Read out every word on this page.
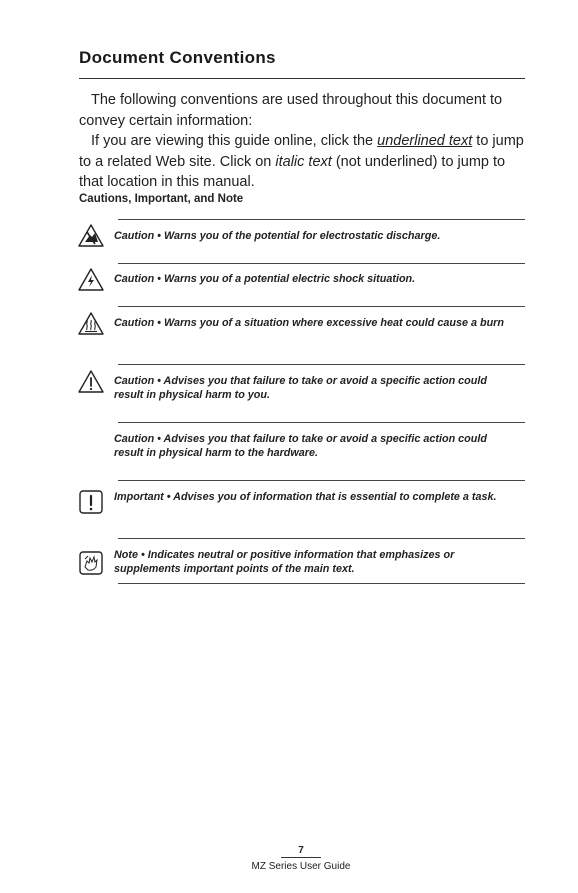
Document Conventions

The following conventions are used throughout this document to convey certain information:

If you are viewing this guide online, click the underlined text to jump to a related Web site. Click on italic text (not underlined) to jump to that location in this manual.

Cautions, Important, and Note
Caution • Warns you of the potential for electrostatic discharge.
Caution • Warns you of a potential electric shock situation.
Caution • Warns you of a situation where excessive heat could cause a burn
Caution • Advises you that failure to take or avoid a specific action could result in physical harm to you.
Caution • Advises you that failure to take or avoid a specific action could result in physical harm to the hardware.
Important • Advises you of information that is essential to complete a task.
Note • Indicates neutral or positive information that emphasizes or supplements important points of the main text.
7
MZ Series User Guide
